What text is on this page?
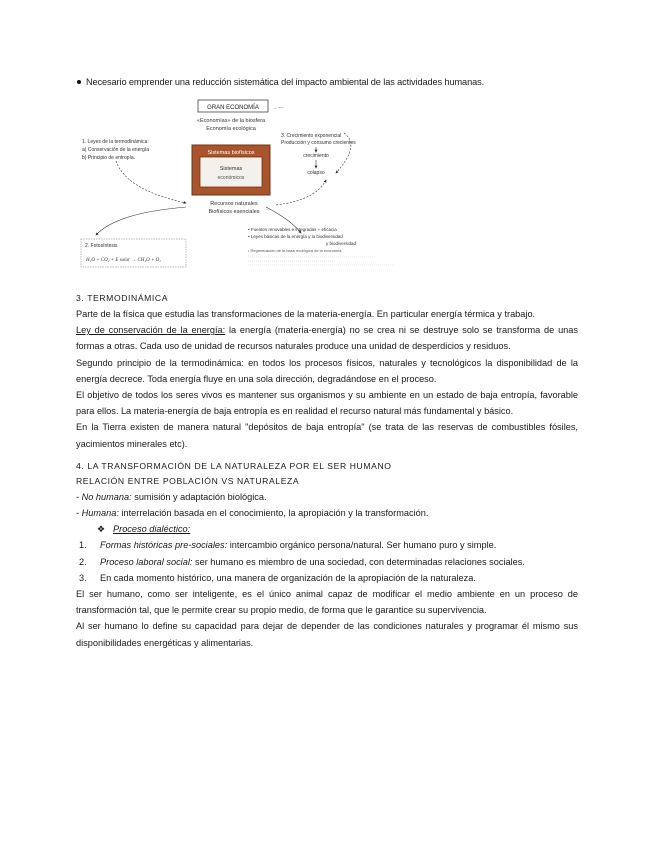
Necesario emprender una reducción sistemática del impacto ambiental de las actividades humanas.
GRAN ECONOMÍA	→ ---
«Economías» de la biosfera
Economía ecológica
1. Leyes de la termodinámica:
a) Conservación de la energía
b) Principio de entropía.
Sistemas biofísicos
Sistemas
económicos
3. Crecimiento exponencial
Producción y consumo crecientes
crecimiento
colapso
Recursos naturales
Biofísicos esenciales
2. Fotosíntesis
H₂O + CO₂ + E solar → CH₂O + O₂
• Fuentes renovables e integradas + eficacia
• Leyes básicas de la energía y la biodiversidad
y biodiversidad
• Regeneración de la base ecológica de la economía

3. TERMODINÁMICA

Parte de la física que estudia las transformaciones de la materia-energía. En particular energía térmica y trabajo.

Ley de conservación de la energía: la energía (materia-energía) no se crea ni se destruye solo se transforma de unas formas a otras. Cada uso de unidad de recursos naturales produce una unidad de desperdicios y residuos.

Segundo principio de la termodinámica: en todos los procesos físicos, naturales y tecnológicos la disponibilidad de la energía decrece. Toda energía fluye en una sola dirección, degradándose en el proceso.

El objetivo de todos los seres vivos es mantener sus organismos y su ambiente en un estado de baja entropía, favorable para ellos. La materia-energía de baja entropía es en realidad el recurso natural más fundamental y básico.

En la Tierra existen de manera natural "depósitos de baja entropía" (se trata de las reservas de combustibles fósiles, yacimientos minerales etc).

4. LA TRANSFORMACIÓN DE LA NATURALEZA POR EL SER HUMANO

RELACIÓN ENTRE POBLACIÓN VS NATURALEZA

- No humana: sumisión y adaptación biológica.

- Humana: interrelación basada en el conocimiento, la apropiación y la transformación.

❖ Proceso dialéctico:

1.	Formas históricas pre-sociales: intercambio orgánico persona/natural. Ser humano puro y simple.
2.	Proceso laboral social: ser humano es miembro de una sociedad, con determinadas relaciones sociales.
3.	En cada momento histórico, una manera de organización de la apropiación de la naturaleza.

El ser humano, como ser inteligente, es el único animal capaz de modificar el medio ambiente en un proceso de transformación tal, que le permite crear su propio medio, de forma que le garantice su supervivencia.

Al ser humano lo define su capacidad para dejar de depender de las condiciones naturales y programar él mismo sus disponibilidades energéticas y alimentarias.
